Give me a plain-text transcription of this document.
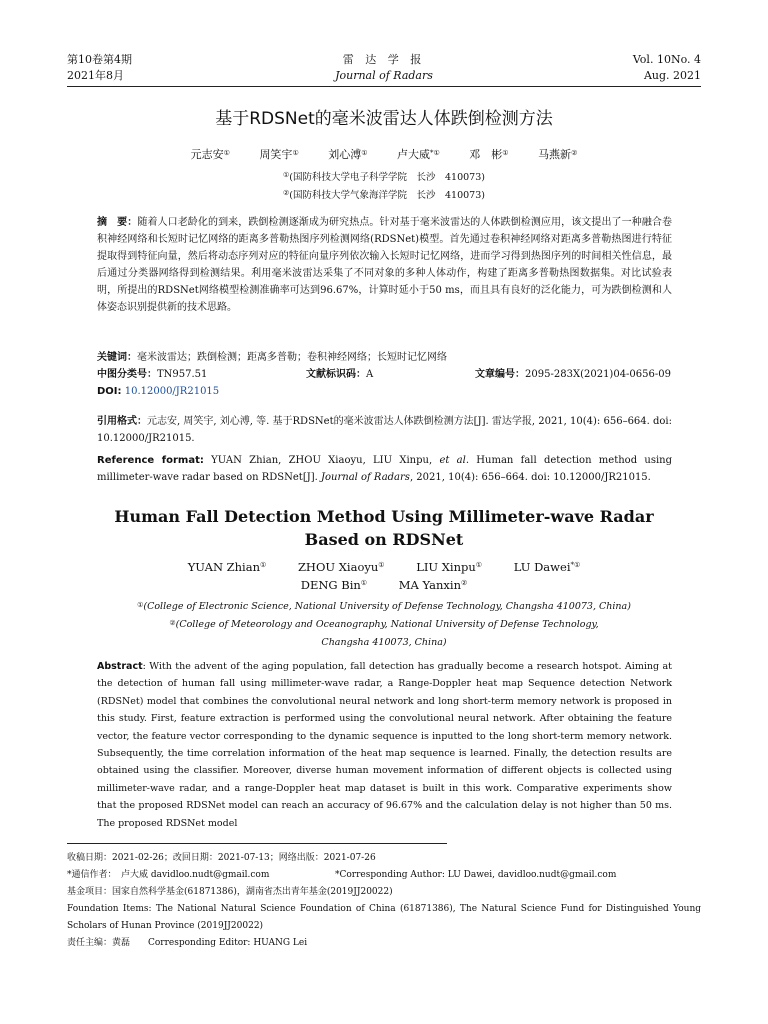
第10卷第4期
2021年8月
雷 达 学 报
Journal of Radars
Vol. 10No. 4
Aug. 2021
基于RDSNet的毫米波雷达人体跌倒检测方法
元志安①	周笑宇①	刘心溥①	卢大威*①	邓　彬①	马燕新②
①(国防科技大学电子科学学院　长沙　410073)
②(国防科技大学气象海洋学院　长沙　410073)
摘　要：随着人口老龄化的到来，跌倒检测逐渐成为研究热点。针对基于毫米波雷达的人体跌倒检测应用，该文提出了一种融合卷积神经网络和长短时记忆网络的距离多普勒热图序列检测网络(RDSNet)模型。首先通过卷积神经网络对距离多普勒热图进行特征提取得到特征向量，然后将动态序列对应的特征向量序列依次输入长短时记忆网络，进而学习得到热图序列的时间相关性信息，最后通过分类器网络得到检测结果。利用毫米波雷达采集了不同对象的多种人体动作，构建了距离多普勒热图数据集。对比试验表明，所提出的RDSNet网络模型检测准确率可达到96.67%，计算时延小于50 ms，而且具有良好的泛化能力，可为跌倒检测和人体姿态识别提供新的技术思路。
关键词：毫米波雷达；跌倒检测；距离多普勒；卷积神经网络；长短时记忆网络
中图分类号：TN957.51	文献标识码：A	文章编号：2095-283X(2021)04-0656-09
DOI: 10.12000/JR21015
引用格式：元志安, 周笑宇, 刘心溥, 等. 基于RDSNet的毫米波雷达人体跌倒检测方法[J]. 雷达学报, 2021, 10(4): 656–664. doi: 10.12000/JR21015.
Reference format: YUAN Zhian, ZHOU Xiaoyu, LIU Xinpu, et al. Human fall detection method using millimeter-wave radar based on RDSNet[J]. Journal of Radars, 2021, 10(4): 656–664. doi: 10.12000/JR21015.
Human Fall Detection Method Using Millimeter-wave Radar
Based on RDSNet
YUAN Zhian①	ZHOU Xiaoyu①	LIU Xinpu①	LU Dawei*①
DENG Bin①	MA Yanxin②
①(College of Electronic Science, National University of Defense Technology, Changsha 410073, China)
②(College of Meteorology and Oceanography, National University of Defense Technology,
Changsha 410073, China)
Abstract: With the advent of the aging population, fall detection has gradually become a research hotspot. Aiming at the detection of human fall using millimeter-wave radar, a Range-Doppler heat map Sequence detection Network (RDSNet) model that combines the convolutional neural network and long short-term memory network is proposed in this study. First, feature extraction is performed using the convolutional neural network. After obtaining the feature vector, the feature vector corresponding to the dynamic sequence is inputted to the long short-term memory network. Subsequently, the time correlation information of the heat map sequence is learned. Finally, the detection results are obtained using the classifier. Moreover, diverse human movement information of different objects is collected using millimeter-wave radar, and a range-Doppler heat map dataset is built in this work. Comparative experiments show that the proposed RDSNet model can reach an accuracy of 96.67% and the calculation delay is not higher than 50 ms. The proposed RDSNet model
收稿日期：2021-02-26；改回日期：2021-07-13；网络出版：2021-07-26
*通信作者：　卢大威 davidloo.nudt@gmail.com	*Corresponding Author: LU Dawei, davidloo.nudt@gmail.com
基金项目：国家自然科学基金(61871386)，湖南省杰出青年基金(2019JJ20022)
Foundation Items: The National Natural Science Foundation of China (61871386), The Natural Science Fund for Distinguished Young Scholars of Hunan Province (2019JJ20022)
责任主编：黄磊　　Corresponding Editor: HUANG Lei
